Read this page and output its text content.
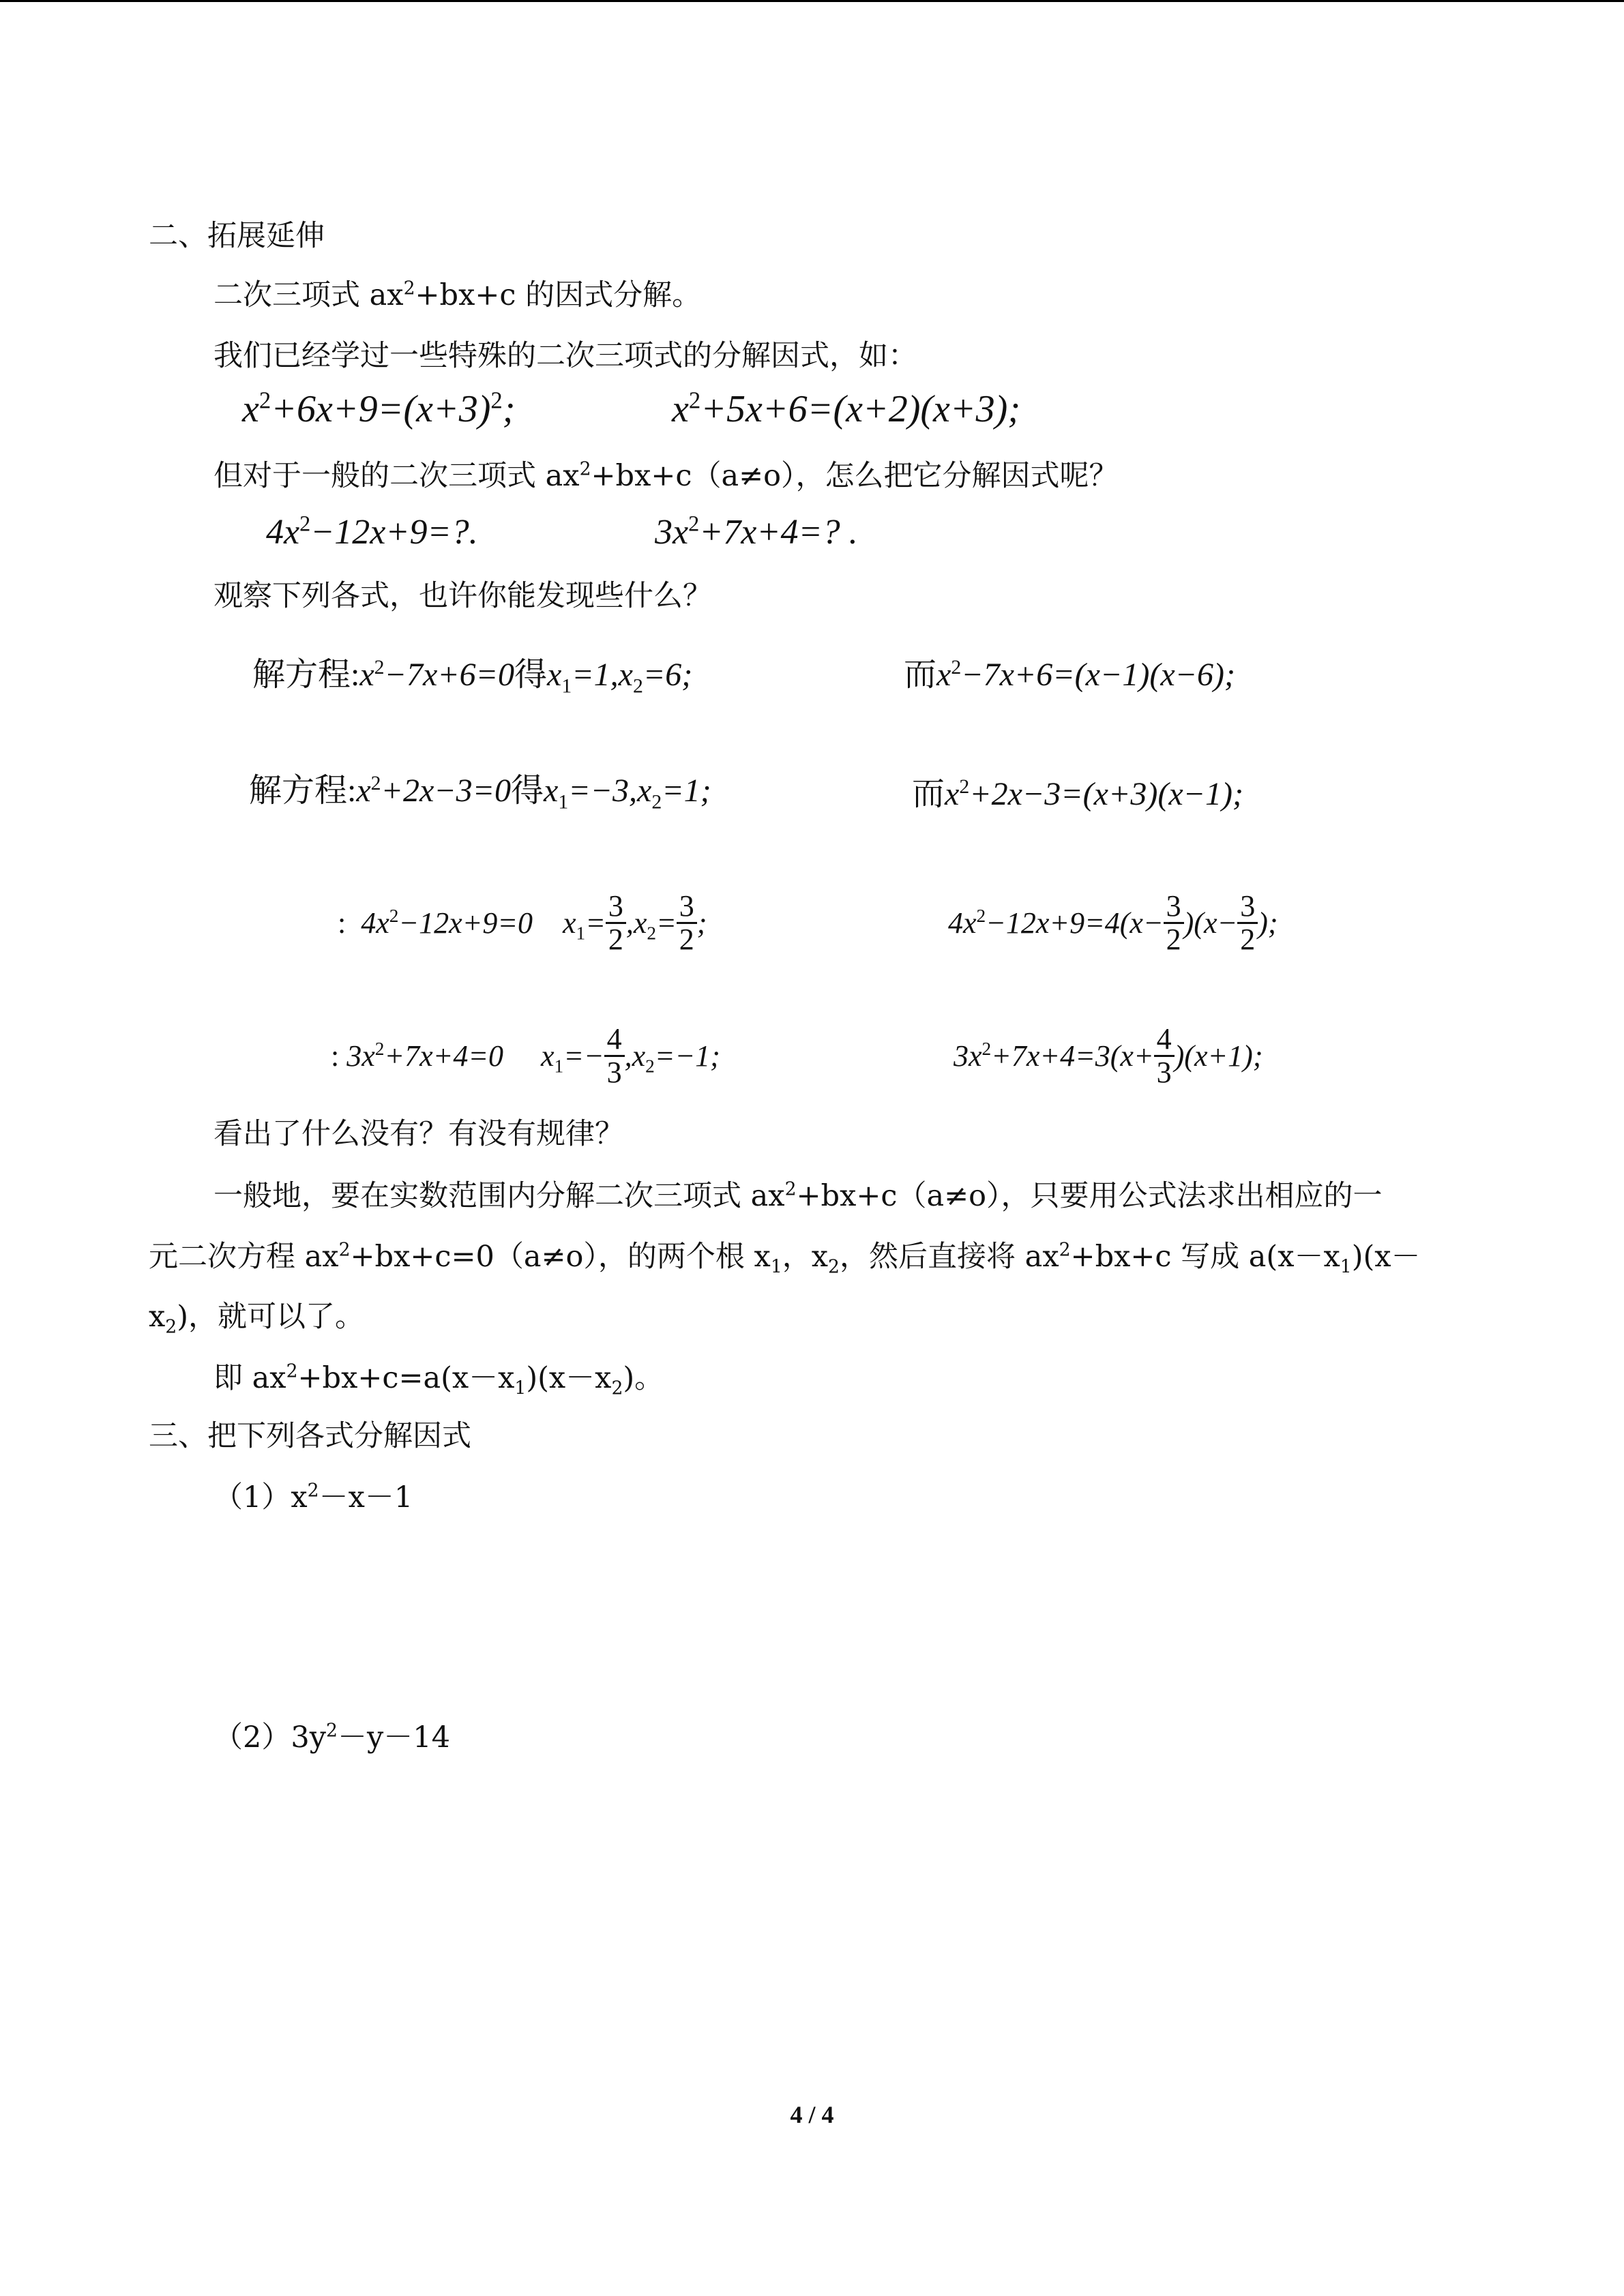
二、拓展延伸
二次三项式 $ax^2+bx+c$ 的因式分解。
我们已经学过一些特殊的二次三项式的分解因式，如：
$x^2+6x+9=(x+3)^2$;	$x^2+5x+6=(x+2)(x+3)$;
但对于一般的二次三项式 $ax^2+bx+c(a\ne o)$，怎么把它分解因式呢？
$4x^2-12x+9=$?.	$3x^2+7x+4=$? .
观察下列各式，也许你能发现些什么？
解方程$:x^2-7x+6=0$得$x_1=1,x_2=6$;	而$x^2-7x+6=(x-1)(x-6)$;
解方程$:x^2+2x-3=0$得$x_1=-3,x_2=1$;	而$x^2+2x-3=(x+3)(x-1)$;
: $4x^2-12x+9=0$ $x_1= \frac{3}{2} ,x_2= \frac{3}{2}$ ;	$4x^2-12x+9=4(x- \frac{3}{2} )(x- \frac{3}{2}$ );
: $3x^2+7x+4=0$ $x_1=- \frac{4}{3} ,x_2=-1$;	$3x^2+7x+4=3(x+ \frac{4}{3} )(x+1)$;
看出了什么没有？有没有规律？
一般地，要在实数范围内分解二次三项式 $ax^2+bx+c(a\ne o)$，只要用公式法求出相应的一
元二次方程 $ax^2+bx+c=0(a\ne o)$，的两个根 $x_1$，$x_2$，然后直接将 $ax^2+bx+c$ 写成 $a(x-x_1)(x-$
$x_2$)，就可以了。
即 $ax^2+bx+c=a(x-x_1)(x-x_2)$。
三、把下列各式分解因式
$(1)x^2-x-1$
$(2)3y^2-y-14$
4 / 4
